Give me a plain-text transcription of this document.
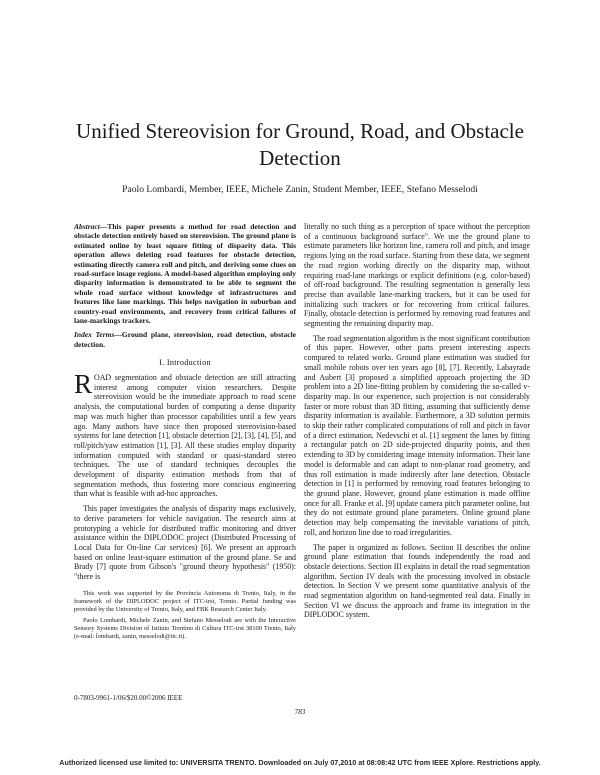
Unified Stereovision for Ground, Road, and Obstacle Detection
Paolo Lombardi, Member, IEEE, Michele Zanin, Student Member, IEEE, Stefano Messelodi

Abstract—This paper presents a method for road detection and obstacle detection entirely based on stereovision. The ground plane is estimated online by least square fitting of disparity data. This operation allows deleting road features for obstacle detection, estimating directly camera roll and pitch, and deriving some clues on road-surface image regions. A model-based algorithm employing only disparity information is demonstrated to be able to segment the whole road surface without knowledge of infrastructures and features like lane markings. This helps navigation in suburban and country-road environments, and recovery from critical failures of lane-markings trackers.

Index Terms—Ground plane, stereovision, road detection, obstacle detection.

I. Introduction

ROAD segmentation and obstacle detection are still attracting interest among computer vision researchers. Despite stereovision would be the immediate approach to road scene analysis, the computational burden of computing a dense disparity map was much higher than processor capabilities until a few years ago. Many authors have since then proposed stereovision-based systems for lane detection [1], obstacle detection [2], [3], [4], [5], and roll/pitch/yaw estimation [1], [3]. All these studies employ disparity information computed with standard or quasi-standard stereo techniques. The use of standard techniques decouples the development of disparity estimation methods from that of segmentation methods, thus fostering more conscious engineering than what is feasible with ad-hoc approaches.

This paper investigates the analysis of disparity maps exclusively, to derive parameters for vehicle navigation. The research aims at prototyping a vehicle for distributed traffic monitoring and driver assistance within the DIPLODOC project (Distributed Processing of Local Data for On-line Car services) [6]. We present an approach based on online least-square estimation of the ground plane. Se and Brady [7] quote from Gibson's "ground theory hypothesis" (1950): "there is

This work was supported by the Provincia Autonoma di Trento, Italy, in the framework of the DIPLODOC project of ITC-irst, Trento. Partial funding was provided by the University of Trento, Italy, and FBK Research Center Italy.

Paolo Lombardi, Michele Zanin, and Stefano Messelodi are with the Interactive Sensory Systems Division of Istituto Trentino di Cultura ITC-irst 38100 Trento, Italy (e-mail: lombardi, zanin, messelodi@itc.it).

literally no such thing as a perception of space without the perception of a continuous background surface". We use the ground plane to estimate parameters like horizon line, camera roll and pitch, and image regions lying on the road surface. Starting from these data, we segment the road region working directly on the disparity map, without requiring road-lane markings or explicit definitions (e.g. color-based) of off-road background. The resulting segmentation is generally less precise than available lane-marking trackers, but it can be used for initializing such trackers or for recovering from critical failures. Finally, obstacle detection is performed by removing road features and segmenting the remaining disparity map.

The road segmentation algorithm is the most significant contribution of this paper. However, other parts present interesting aspects compared to related works. Ground plane estimation was studied for small mobile robots over ten years ago [8], [7]. Recently, Labayrade and Aubert [3] proposed a simplified approach projecting the 3D problem into a 2D line-fitting problem by considering the so-called v-disparity map. In our experience, such projection is not considerably faster or more robust than 3D fitting, assuming that sufficiently dense disparity information is available. Furthermore, a 3D solution permits to skip their rather complicated computations of roll and pitch in favor of a direct estimation. Nedevschi et al. [1] segment the lanes by fitting a rectangular patch on 2D side-projected disparity points, and then extending to 3D by considering image intensity information. Their lane model is deformable and can adapt to non-planar road geometry, and thus roll estimation is made indirectly after lane detection. Obstacle detection in [1] is performed by removing road features belonging to the ground plane. However, ground plane estimation is made offline once for all. Franke et al. [9] update camera pitch parameter online, but they do not estimate ground plane parameters. Online ground plane detection may help compensating the inevitable variations of pitch, roll, and horizon line due to road irregularities.

The paper is organized as follows. Section II describes the online ground plane estimation that founds independently the road and obstacle detections. Section III explains in detail the road segmentation algorithm. Section IV deals with the processing involved in obstacle detection. In Section V we present some quantitative analysis of the road segmentation algorithm on hand-segmented real data. Finally in Section VI we discuss the approach and frame its integration in the DIPLODOC system.

0-7803-9961-1/06/$20.00©2006 IEEE
783
Authorized licensed use limited to: UNIVERSITA TRENTO. Downloaded on July 07,2010 at 08:08:42 UTC from IEEE Xplore. Restrictions apply.
